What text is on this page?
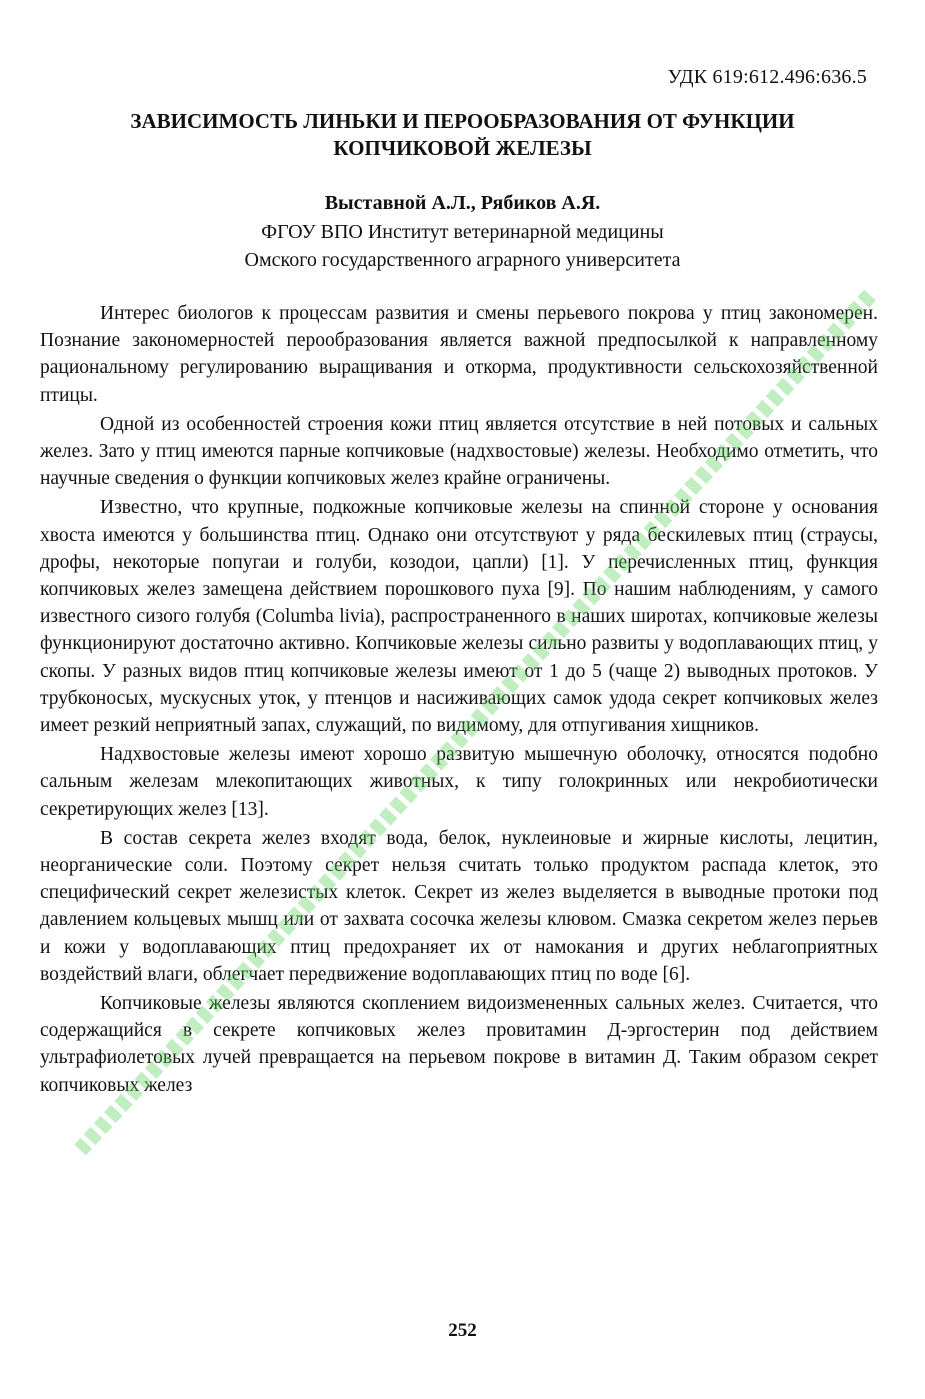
УДК 619:612.496:636.5
ЗАВИСИМОСТЬ ЛИНЬКИ И ПЕРООБРАЗОВАНИЯ ОТ ФУНКЦИИ
КОПЧИКОВОЙ ЖЕЛЕЗЫ
Выставной А.Л., Рябиков А.Я.
ФГОУ ВПО Институт ветеринарной медицины
Омского государственного аграрного университета

Интерес биологов к процессам развития и смены перьевого покрова у птиц закономерен. Познание закономерностей перообразования является важной предпосылкой к направленному рациональному регулированию выращивания и откорма, продуктивности сельскохозяйственной птицы.

Одной из особенностей строения кожи птиц является отсутствие в ней потовых и сальных желез. Зато у птиц имеются парные копчиковые (надхвостовые) железы. Необходимо отметить, что научные сведения о функции копчиковых желез крайне ограничены.

Известно, что крупные, подкожные копчиковые железы на спинной стороне у основания хвоста имеются у большинства птиц. Однако они отсутствуют у ряда бескилевых птиц (страусы, дрофы, некоторые попугаи и голуби, козодои, цапли) [1]. У перечисленных птиц, функция копчиковых желез замещена действием порошкового пуха [9]. По нашим наблюдениям, у самого известного сизого голубя (Columba livia), распространенного в наших широтах, копчиковые железы функционируют достаточно активно. Копчиковые железы сильно развиты у водоплавающих птиц, у скопы. У разных видов птиц копчиковые железы имеют от 1 до 5 (чаще 2) выводных протоков. У трубконосых, мускусных уток, у птенцов и насиживающих самок удода секрет копчиковых желез имеет резкий неприятный запах, служащий, по видимому, для отпугивания хищников.

Надхвостовые железы имеют хорошо развитую мышечную оболочку, относятся подобно сальным железам млекопитающих животных, к типу голокринных или некробиотически секретирующих желез [13].

В состав секрета желез входят вода, белок, нуклеиновые и жирные кислоты, лецитин, неорганические соли. Поэтому секрет нельзя считать только продуктом распада клеток, это специфический секрет железистых клеток. Секрет из желез выделяется в выводные протоки под давлением кольцевых мышц или от захвата сосочка железы клювом. Смазка секретом желез перьев и кожи у водоплавающих птиц предохраняет их от намокания и других неблагоприятных воздействий влаги, облегчает передвижение водоплавающих птиц по воде [6].

Копчиковые железы являются скоплением видоизмененных сальных желез. Считается, что содержащийся в секрете копчиковых желез провитамин Д-эргостерин под действием ультрафиолетовых лучей превращается на перьевом покрове в витамин Д. Таким образом секрет копчиковых желез

252
